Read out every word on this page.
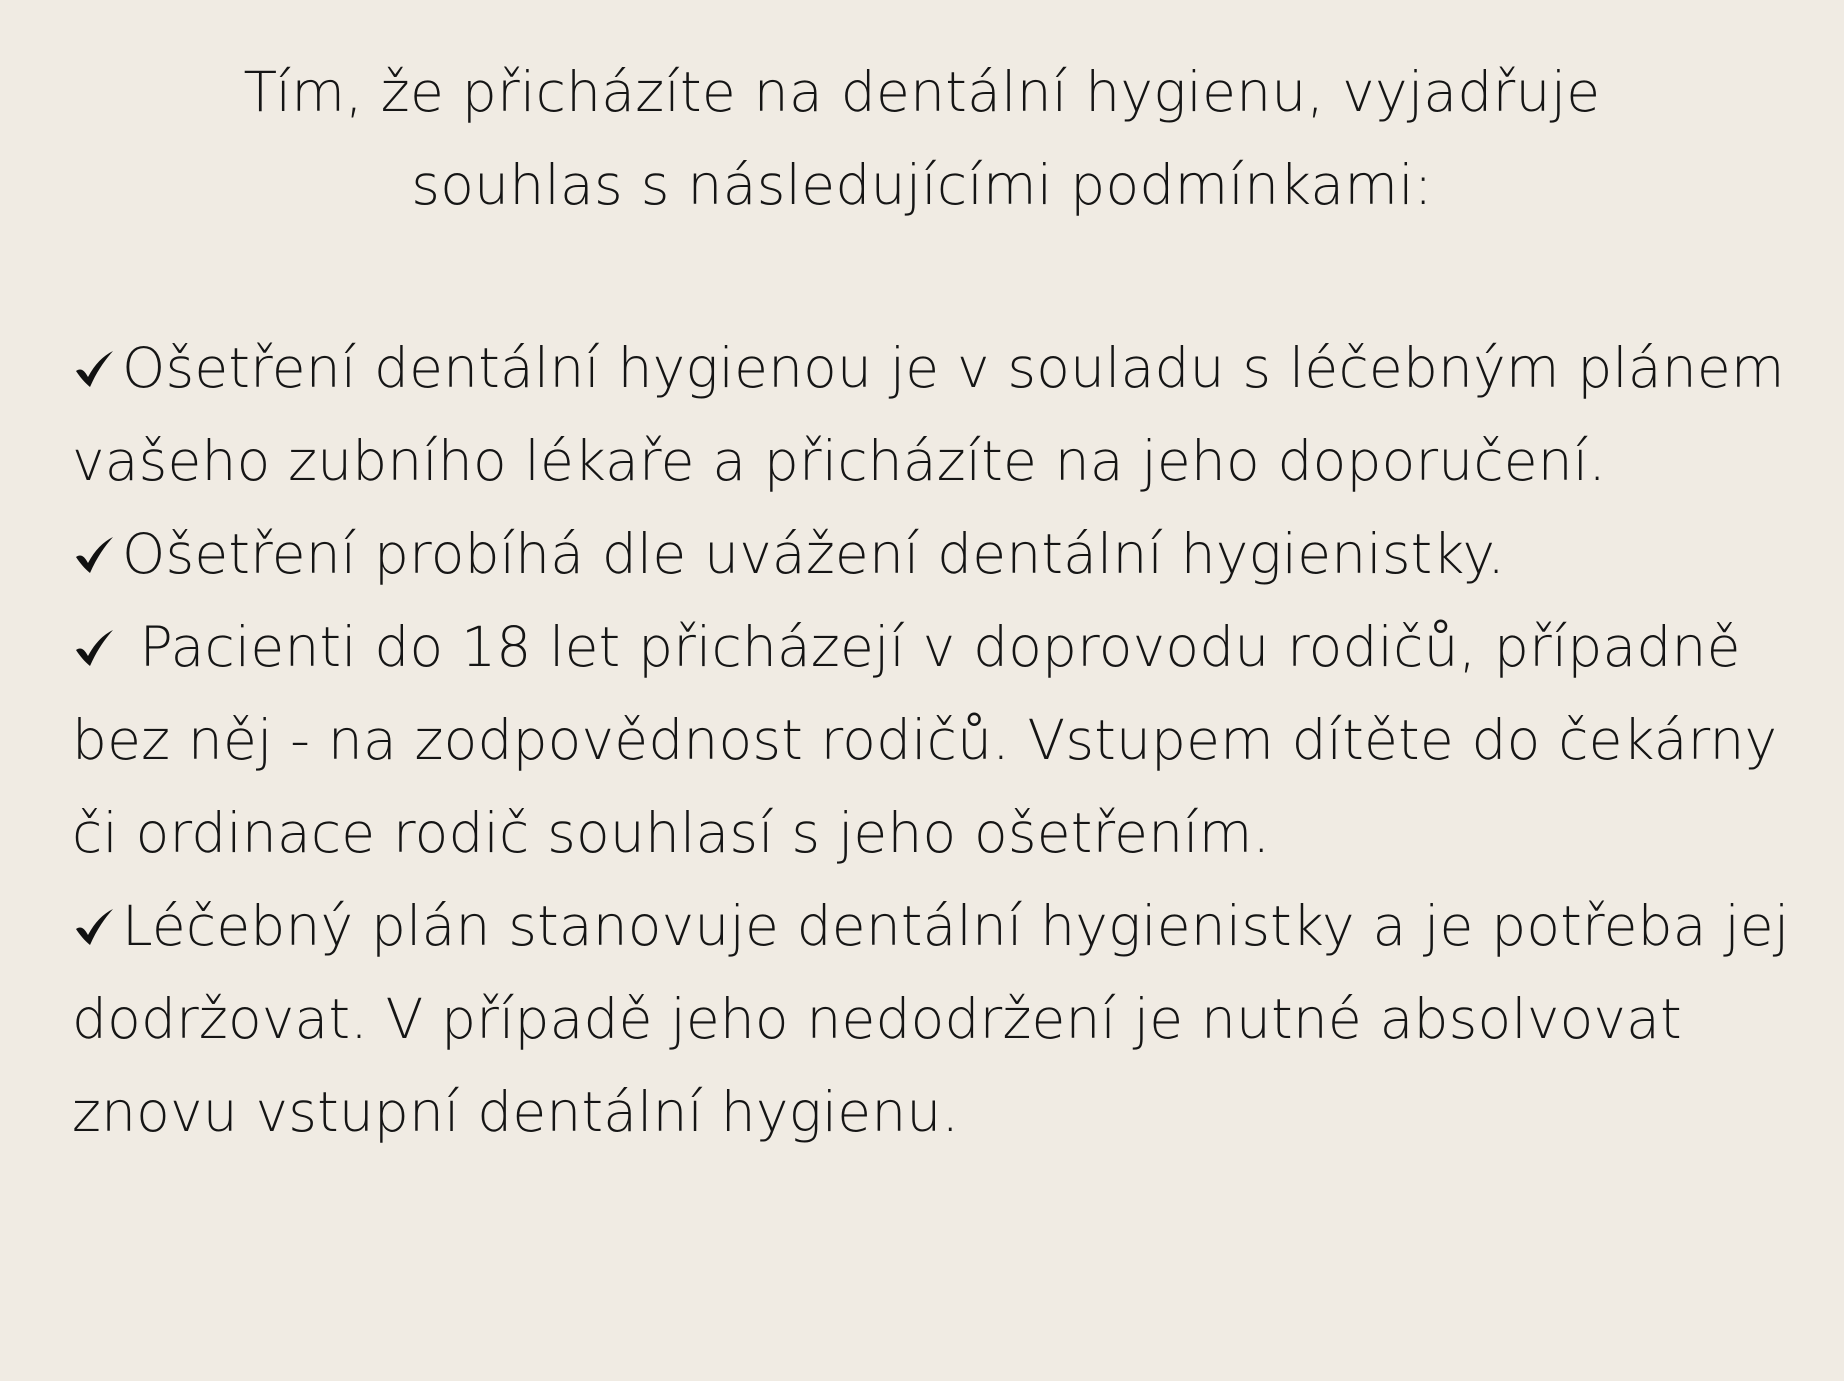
Tím, že přicházíte na dentální hygienu, vyjadřuje
souhlas s následujícími podmínkami:
Ošetření dentální hygienou je v souladu s léčebným plánem vašeho zubního lékaře a přicházíte na jeho doporučení.
Ošetření probíhá dle uvážení dentální hygienistky.
Pacienti do 18 let přicházejí v doprovodu rodičů, případně bez něj - na zodpovědnost rodičů. Vstupem dítěte do čekárny či ordinace rodič souhlasí s jeho ošetřením.
Léčebný plán stanovuje dentální hygienistky a je potřeba jej dodržovat. V případě jeho nedodržení je nutné absolvovat znovu vstupní dentální hygienu.
